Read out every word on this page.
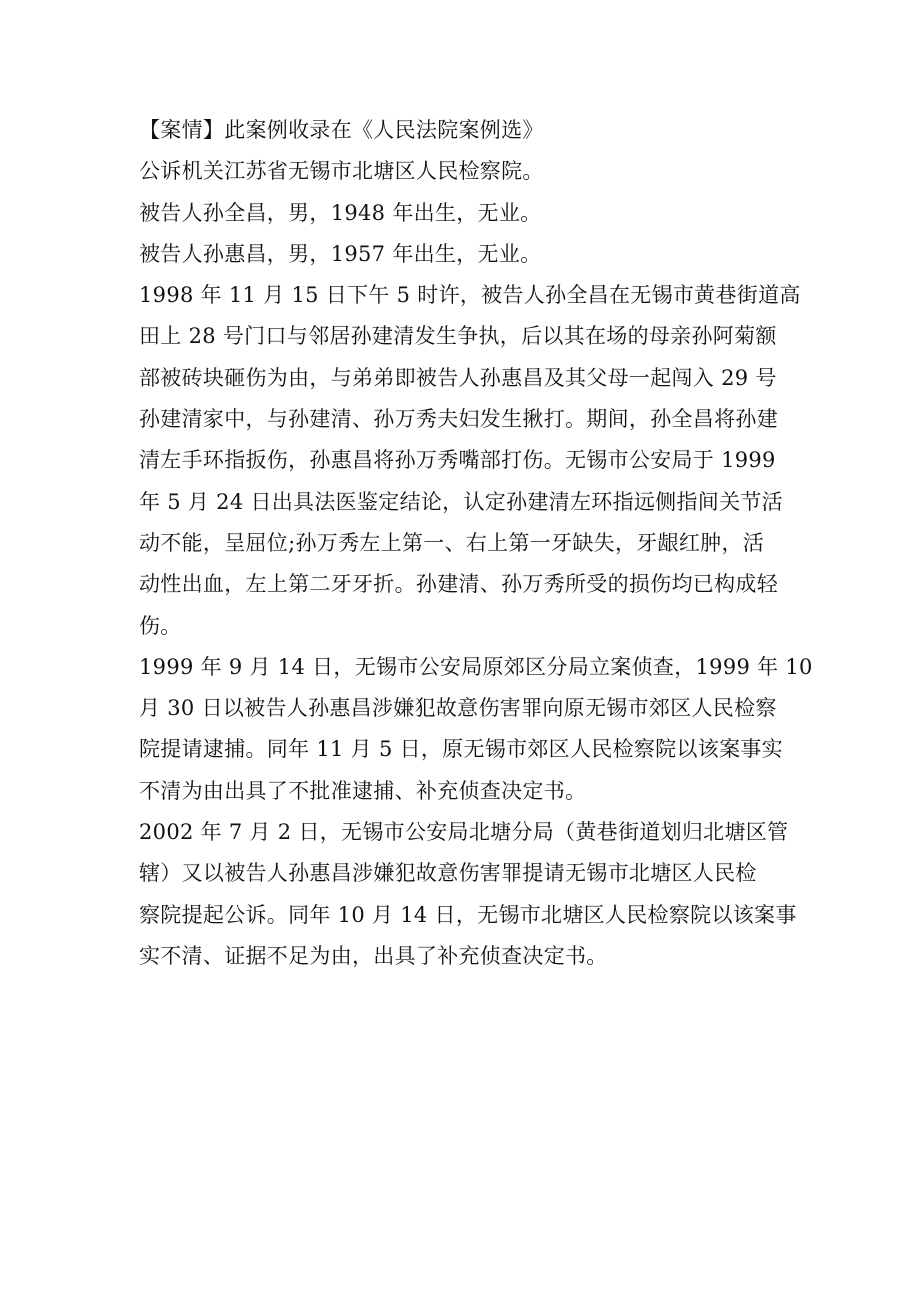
【案情】此案例收录在《人民法院案例选》
公诉机关江苏省无锡市北塘区人民检察院。
被告人孙全昌，男，1948 年出生，无业。
被告人孙惠昌，男，1957 年出生，无业。
1998 年 11 月 15 日下午 5 时许，被告人孙全昌在无锡市黄巷街道高
田上 28 号门口与邻居孙建清发生争执，后以其在场的母亲孙阿菊额
部被砖块砸伤为由，与弟弟即被告人孙惠昌及其父母一起闯入 29 号
孙建清家中，与孙建清、孙万秀夫妇发生揪打。期间，孙全昌将孙建
清左手环指扳伤，孙惠昌将孙万秀嘴部打伤。无锡市公安局于 1999
年 5 月 24 日出具法医鉴定结论，认定孙建清左环指远侧指间关节活
动不能，呈屈位;孙万秀左上第一、右上第一牙缺失，牙龈红肿，活
动性出血，左上第二牙牙折。孙建清、孙万秀所受的损伤均已构成轻
伤。
1999 年 9 月 14 日，无锡市公安局原郊区分局立案侦查，1999 年 10
月 30 日以被告人孙惠昌涉嫌犯故意伤害罪向原无锡市郊区人民检察
院提请逮捕。同年 11 月 5 日，原无锡市郊区人民检察院以该案事实
不清为由出具了不批准逮捕、补充侦查决定书。
2002 年 7 月 2 日，无锡市公安局北塘分局（黄巷街道划归北塘区管
辖）又以被告人孙惠昌涉嫌犯故意伤害罪提请无锡市北塘区人民检
察院提起公诉。同年 10 月 14 日，无锡市北塘区人民检察院以该案事
实不清、证据不足为由，出具了补充侦查决定书。
